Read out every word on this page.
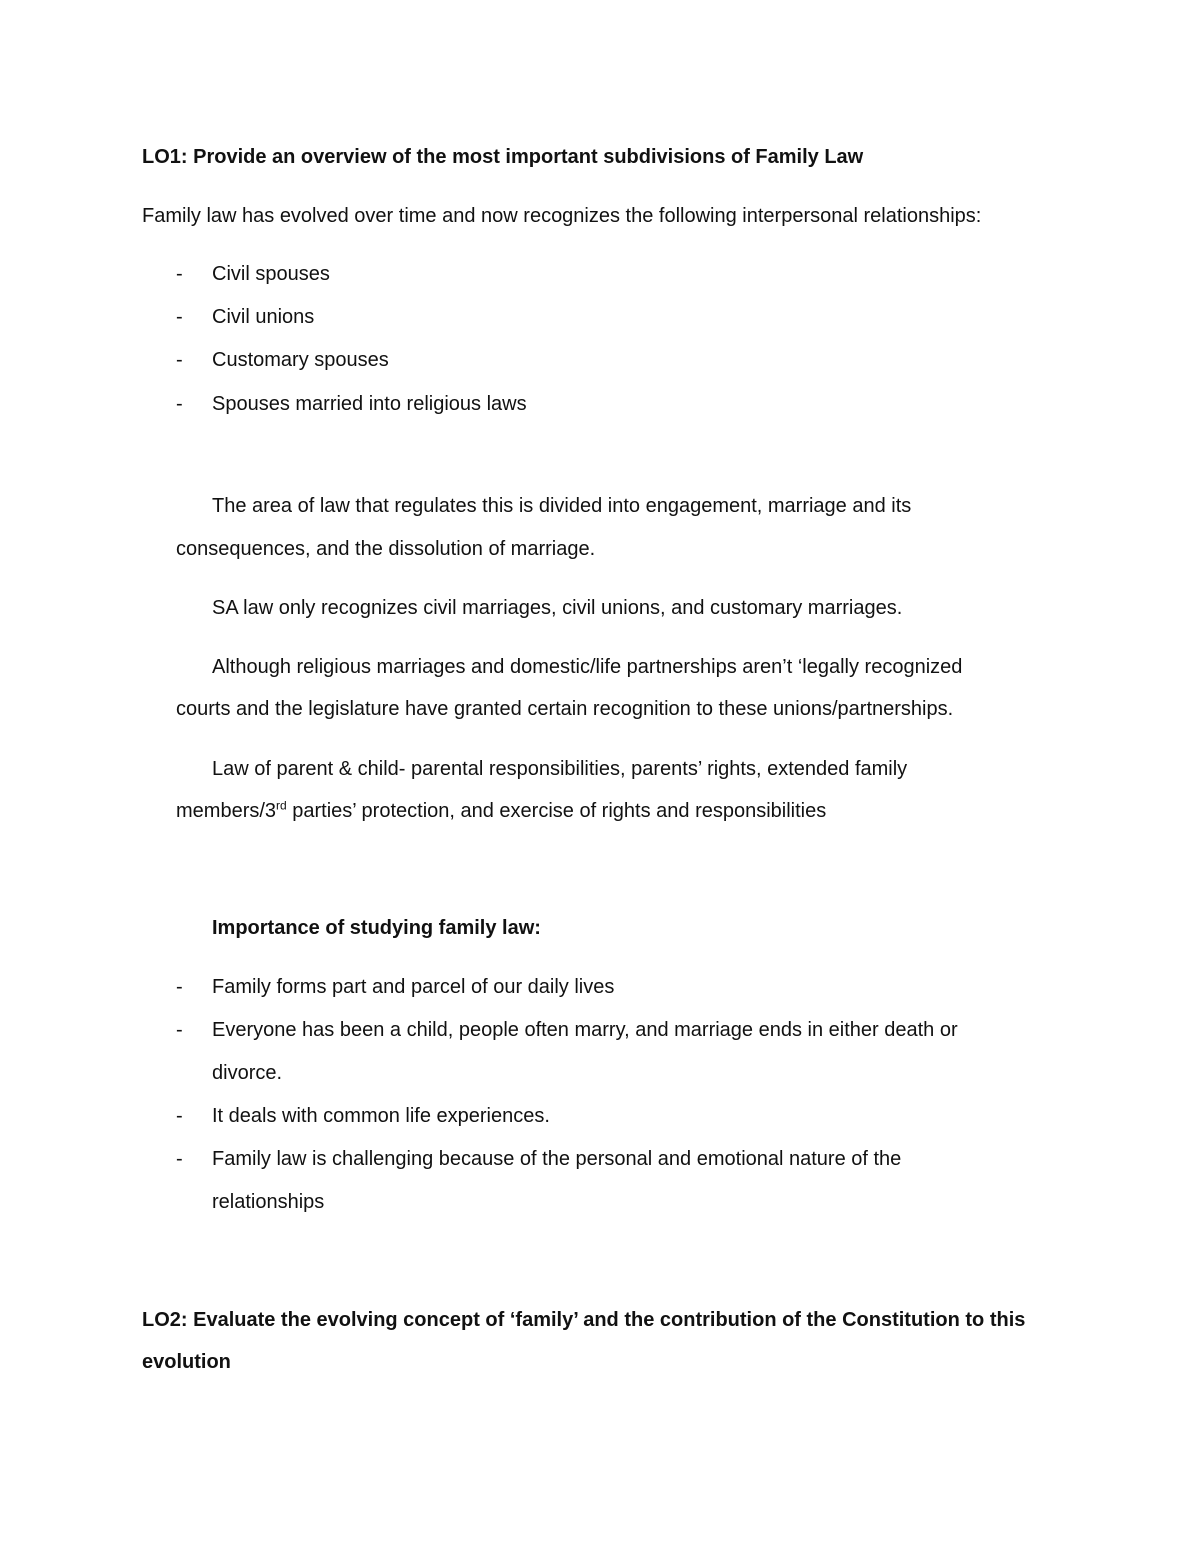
LO1: Provide an overview of the most important subdivisions of Family Law
Family law has evolved over time and now recognizes the following interpersonal relationships:
- Civil spouses
- Civil unions
- Customary spouses
- Spouses married into religious laws
The area of law that regulates this is divided into engagement, marriage and its
consequences, and the dissolution of marriage.
SA law only recognizes civil marriages, civil unions, and customary marriages.
Although religious marriages and domestic/life partnerships aren’t ‘legally recognized
courts and the legislature have granted certain recognition to these unions/partnerships.
Law of parent & child- parental responsibilities, parents’ rights, extended family
members/3rd parties’ protection, and exercise of rights and responsibilities
Importance of studying family law:
- Family forms part and parcel of our daily lives
- Everyone has been a child, people often marry, and marriage ends in either death or
divorce.
- It deals with common life experiences.
- Family law is challenging because of the personal and emotional nature of the
relationships
LO2: Evaluate the evolving concept of ‘family’ and the contribution of the Constitution to this
evolution
